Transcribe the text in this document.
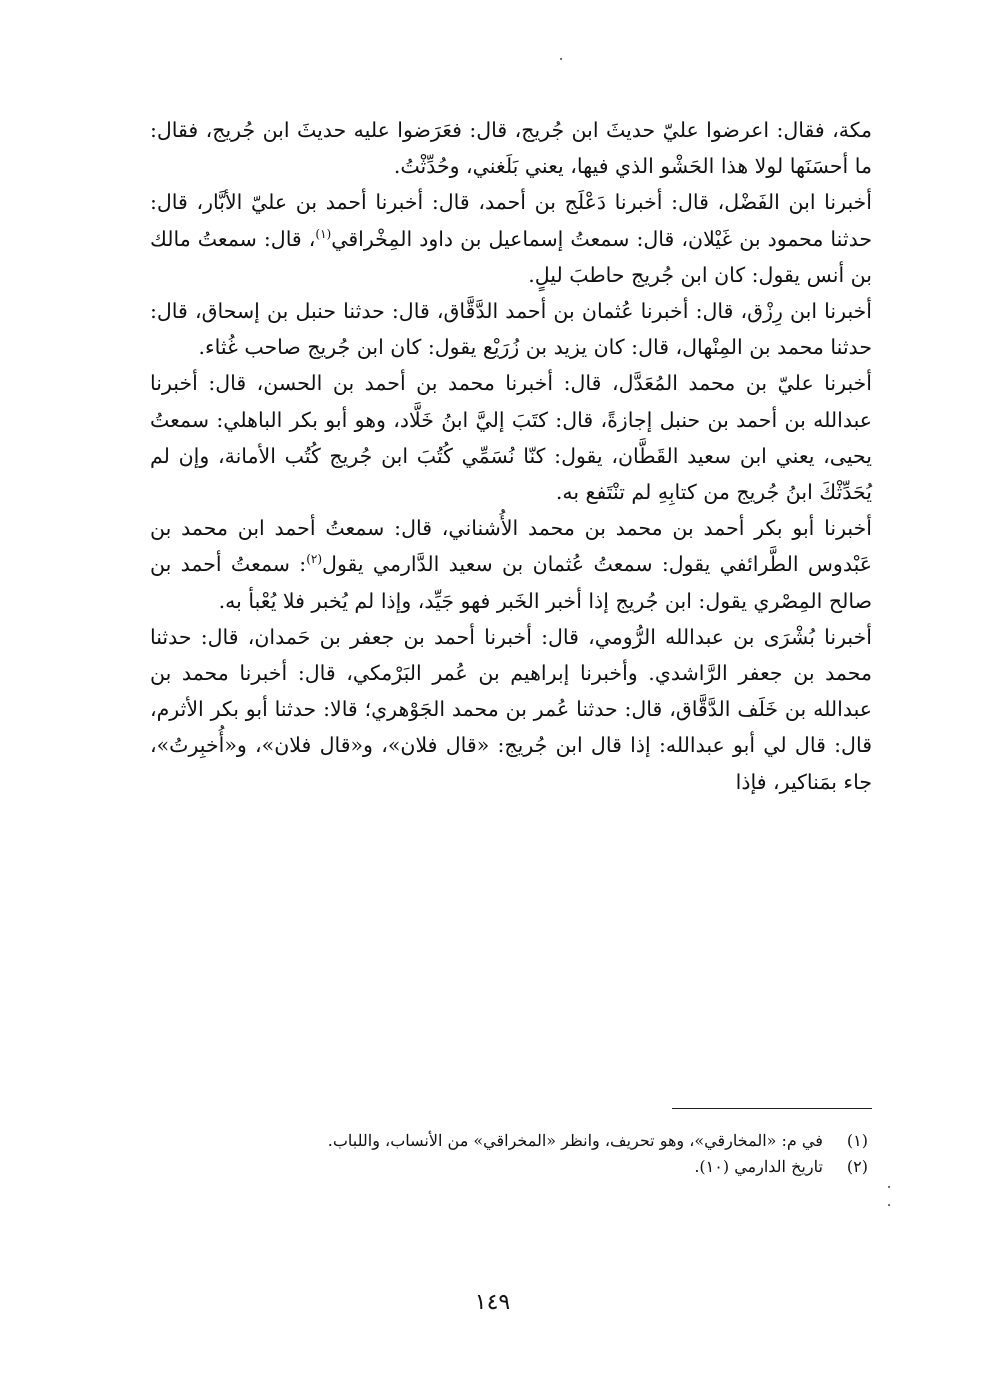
مكة، فقال: اعرضوا عليّ حديثَ ابن جُريج، قال: فعَرَضوا عليه حديثَ ابن جُريج، فقال: ما أحسَنَها لولا هذا الحَشْو الذي فيها، يعني بَلَغني، وحُدِّثْتُ.

أخبرنا ابن الفَضْل، قال: أخبرنا دَعْلَج بن أحمد، قال: أخبرنا أحمد بن عليّ الأبَّار، قال: حدثنا محمود بن غَيْلان، قال: سمعتُ إسماعيل بن داود المِخْراقي$^{(١)}$، قال: سمعتُ مالك بن أنس يقول: كان ابن جُريج حاطبَ ليلٍ.

أخبرنا ابن رِزْق، قال: أخبرنا عُثمان بن أحمد الدَّقَّاق، قال: حدثنا حنبل بن إسحاق، قال: حدثنا محمد بن المِنْهال، قال: كان يزيد بن زُرَيْع يقول: كان ابن جُريج صاحب غُثاء.

أخبرنا عليّ بن محمد المُعَدَّل، قال: أخبرنا محمد بن أحمد بن الحسن، قال: أخبرنا عبدالله بن أحمد بن حنبل إجازةً، قال: كتَبَ إليَّ ابنُ خَلَّاد، وهو أبو بكر الباهلي: سمعتُ يحيى، يعني ابن سعيد القَطَّان، يقول: كنّا نُسَمِّي كُتُبَ ابن جُريج كُتُب الأمانة، وإن لم يُحَدِّثْكَ ابنُ جُريج من كتابِهِ لم تنْتَفع به.

أخبرنا أبو بكر أحمد بن محمد بن محمد الأُشناني، قال: سمعتُ أحمد ابن محمد بن عَبْدوس الطَّرائفي يقول: سمعتُ عُثمان بن سعيد الدَّارمي يقول$^{(٢)}$: سمعتُ أحمد بن صالح المِصْري يقول: ابن جُريج إذا أخبر الخَبر فهو جَيِّد، وإذا لم يُخبر فلا يُعْبأ به.

أخبرنا بُشْرَى بن عبدالله الرُّومي، قال: أخبرنا أحمد بن جعفر بن حَمدان، قال: حدثنا محمد بن جعفر الرَّاشدي. وأخبرنا إبراهيم بن عُمر البَرْمكي، قال: أخبرنا محمد بن عبدالله بن خَلَف الدَّقَّاق، قال: حدثنا عُمر بن محمد الجَوْهري؛ قالا: حدثنا أبو بكر الأثرم، قال: قال لي أبو عبدالله: إذا قال ابن جُريج: «قال فلان»، و«قال فلان»، و«أُخبِرتُ»، جاء بمَناكير، فإذا

(١) في م: «المخارقي»، وهو تحريف، وانظر «المخراقي» من الأنساب، واللباب.

(٢) تاريخ الدارمي (١٠).

١٤٩
